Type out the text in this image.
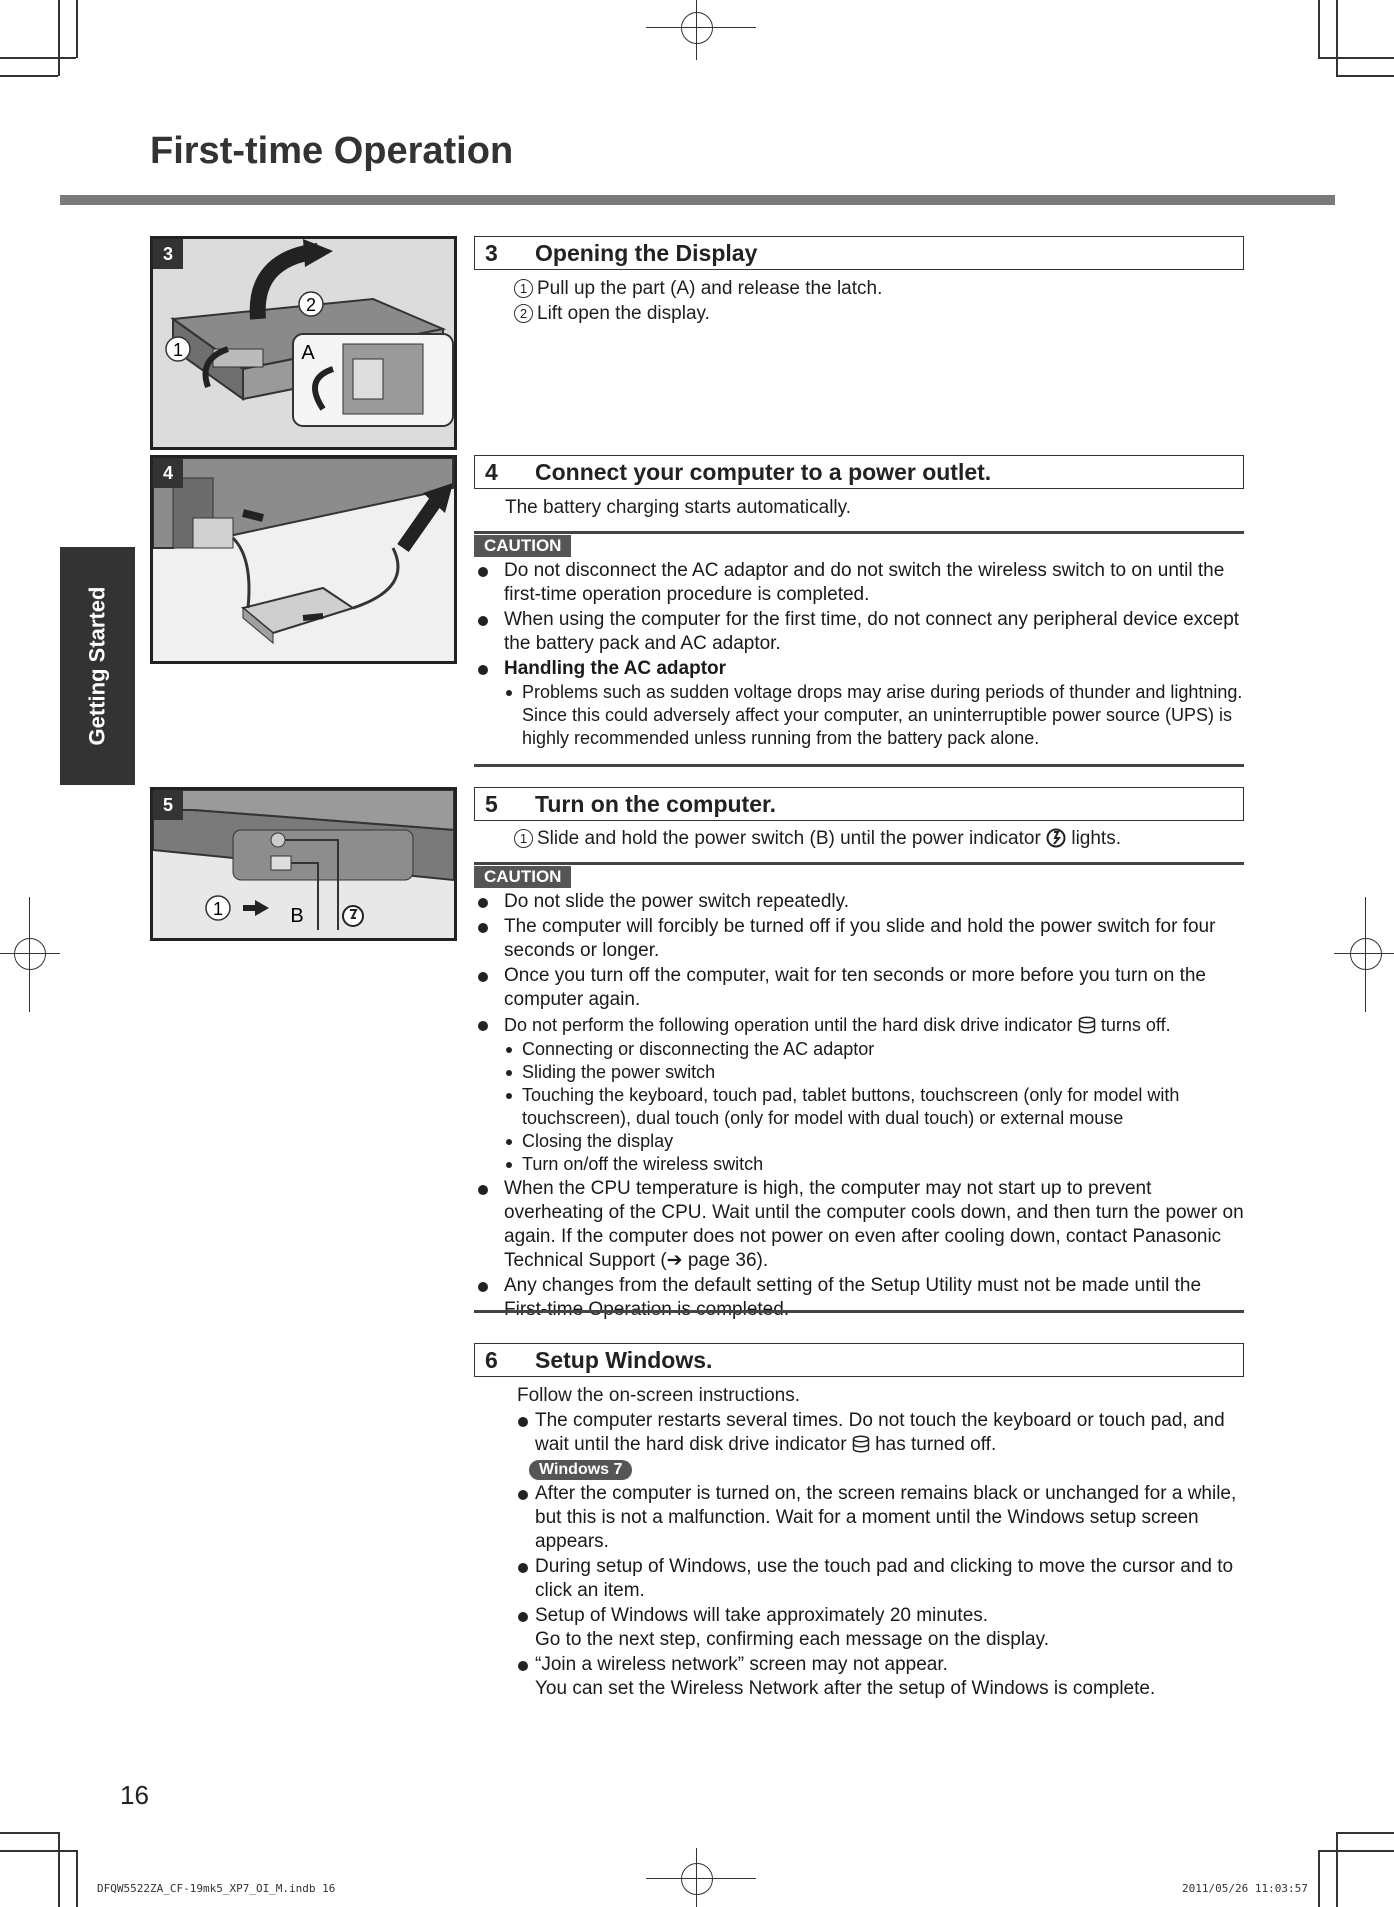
First-time Operation
Getting Started
2
1	A
3
4
1	B
5
3	Opening the Display
1 Pull up the part (A) and release the latch.
2 Lift open the display.
4	Connect your computer to a power outlet.
The battery charging starts automatically.
CAUTION
Do not disconnect the AC adaptor and do not switch the wireless switch to on until the first-time operation procedure is completed.
When using the computer for the first time, do not connect any peripheral device except the battery pack and AC adaptor.
Handling the AC adaptor
Problems such as sudden voltage drops may arise during periods of thunder and lightning. Since this could adversely affect your computer, an uninterruptible power source (UPS) is highly recommended unless running from the battery pack alone.
5	Turn on the computer.
1 Slide and hold the power switch (B) until the power indicator lights.
CAUTION
Do not slide the power switch repeatedly.
The computer will forcibly be turned off if you slide and hold the power switch for four seconds or longer.
Once you turn off the computer, wait for ten seconds or more before you turn on the computer again.
Do not perform the following operation until the hard disk drive indicator turns off.
Connecting or disconnecting the AC adaptor
Sliding the power switch
Touching the keyboard, touch pad, tablet buttons, touchscreen (only for model with touchscreen), dual touch (only for model with dual touch) or external mouse
Closing the display
Turn on/off the wireless switch
When the CPU temperature is high, the computer may not start up to prevent overheating of the CPU. Wait until the computer cools down, and then turn the power on again. If the computer does not power on even after cooling down, contact Panasonic Technical Support (➔ page 36).
Any changes from the default setting of the Setup Utility must not be made until the
6	Setup Windows.
Follow the on-screen instructions.
The computer restarts several times. Do not touch the keyboard or touch pad, and wait until the hard disk drive indicator has turned off.
Windows 7
After the computer is turned on, the screen remains black or unchanged for a while, but this is not a malfunction. Wait for a moment until the Windows setup screen appears.
During setup of Windows, use the touch pad and clicking to move the cursor and to click an item.
Setup of Windows will take approximately 20 minutes.
Go to the next step, confirming each message on the display.
“Join a wireless network” screen may not appear.
You can set the Wireless Network after the setup of Windows is complete.
16
DFQW5522ZA_CF-19mk5_XP7_OI_M.indb 16	2011/05/26 11:03:57
